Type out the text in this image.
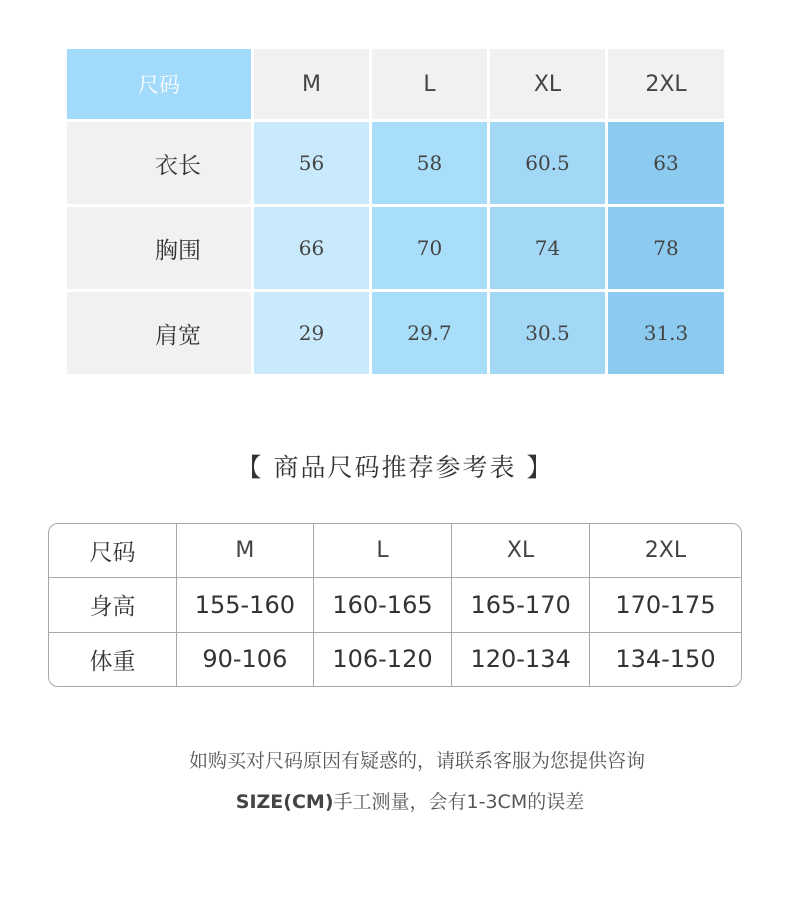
尺码	M	L	XL	2XL
衣长	56	58	60.5	63
胸围	66	70	74	78
肩宽	29	29.7	30.5	31.3
【 商品尺码推荐参考表 】
尺码	M	L	XL	2XL
身高	155-160	160-165	165-170	170-175
体重	90-106	106-120	120-134	134-150
如购买对尺码原因有疑惑的，请联系客服为您提供咨询
SIZE(CM)手工测量，会有1-3CM的误差
